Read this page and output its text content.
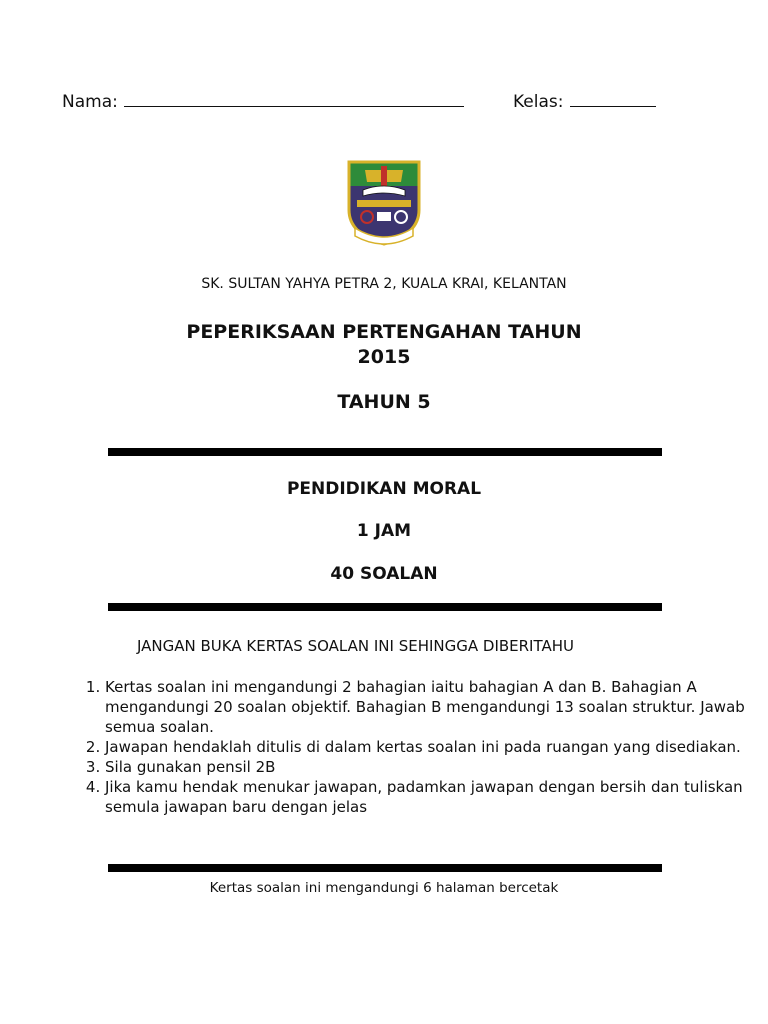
Nama:	Kelas:
SK. SULTAN YAHYA PETRA 2, KUALA KRAI, KELANTAN
PEPERIKSAAN PERTENGAHAN TAHUN
2015
TAHUN 5
PENDIDIKAN MORAL
1 JAM
40 SOALAN
JANGAN BUKA KERTAS SOALAN INI SEHINGGA DIBERITAHU
1. Kertas soalan ini mengandungi 2 bahagian iaitu bahagian A dan B. Bahagian A mengandungi 20 soalan objektif. Bahagian B mengandungi 13 soalan struktur. Jawab semua soalan.
2. Jawapan hendaklah ditulis di dalam kertas soalan ini pada ruangan yang disediakan.
3. Sila gunakan pensil 2B
4. Jika kamu hendak menukar jawapan, padamkan jawapan dengan bersih dan tuliskan semula jawapan baru dengan jelas
Kertas soalan ini mengandungi 6 halaman bercetak
